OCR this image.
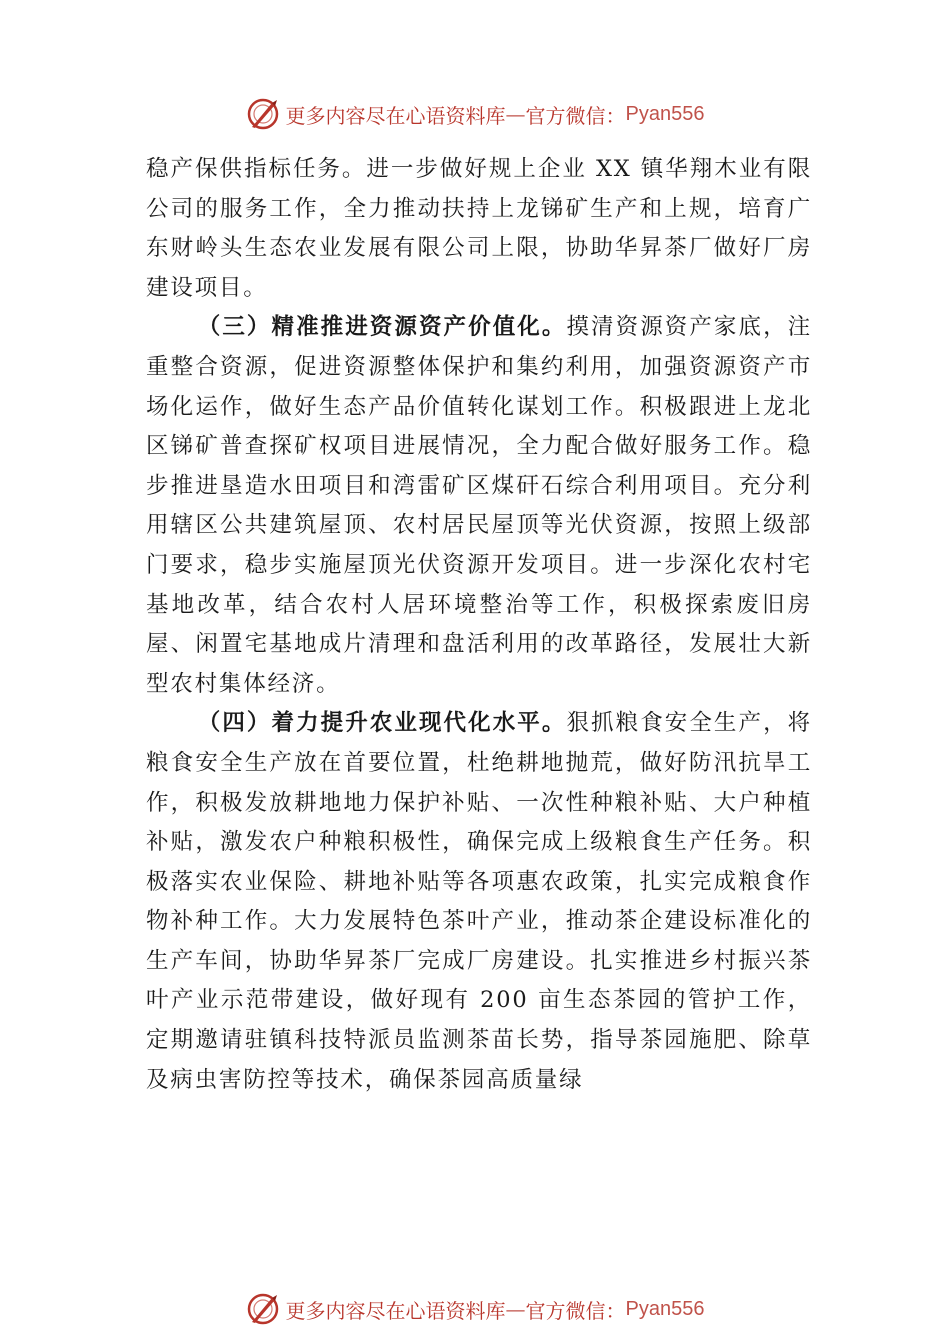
更多内容尽在心语资料库 — 官方微信： Pyan556

稳产保供指标任务。进一步做好规上企业 XX 镇华翔木业有限公司的服务工作，全力推动扶持上龙锑矿生产和上规，培育广东财岭头生态农业发展有限公司上限，协助华昇茶厂做好厂房建设项目。

（三）精准推进资源资产价值化。摸清资源资产家底，注重整合资源，促进资源整体保护和集约利用，加强资源资产市场化运作，做好生态产品价值转化谋划工作。积极跟进上龙北区锑矿普查探矿权项目进展情况，全力配合做好服务工作。稳步推进垦造水田项目和湾雷矿区煤矸石综合利用项目。充分利用辖区公共建筑屋顶、农村居民屋顶等光伏资源，按照上级部门要求，稳步实施屋顶光伏资源开发项目。进一步深化农村宅基地改革，结合农村人居环境整治等工作，积极探索废旧房屋、闲置宅基地成片清理和盘活利用的改革路径，发展壮大新型农村集体经济。

（四）着力提升农业现代化水平。狠抓粮食安全生产，将粮食安全生产放在首要位置，杜绝耕地抛荒，做好防汛抗旱工作，积极发放耕地地力保护补贴、一次性种粮补贴、大户种植补贴，激发农户种粮积极性，确保完成上级粮食生产任务。积极落实农业保险、耕地补贴等各项惠农政策，扎实完成粮食作物补种工作。大力发展特色茶叶产业，推动茶企建设标准化的生产车间，协助华昇茶厂完成厂房建设。扎实推进乡村振兴茶叶产业示范带建设，做好现有 200 亩生态茶园的管护工作，定期邀请驻镇科技特派员监测茶苗长势，指导茶园施肥、除草及病虫害防控等技术，确保茶园高质量绿

更多内容尽在心语资料库 — 官方微信： Pyan556
